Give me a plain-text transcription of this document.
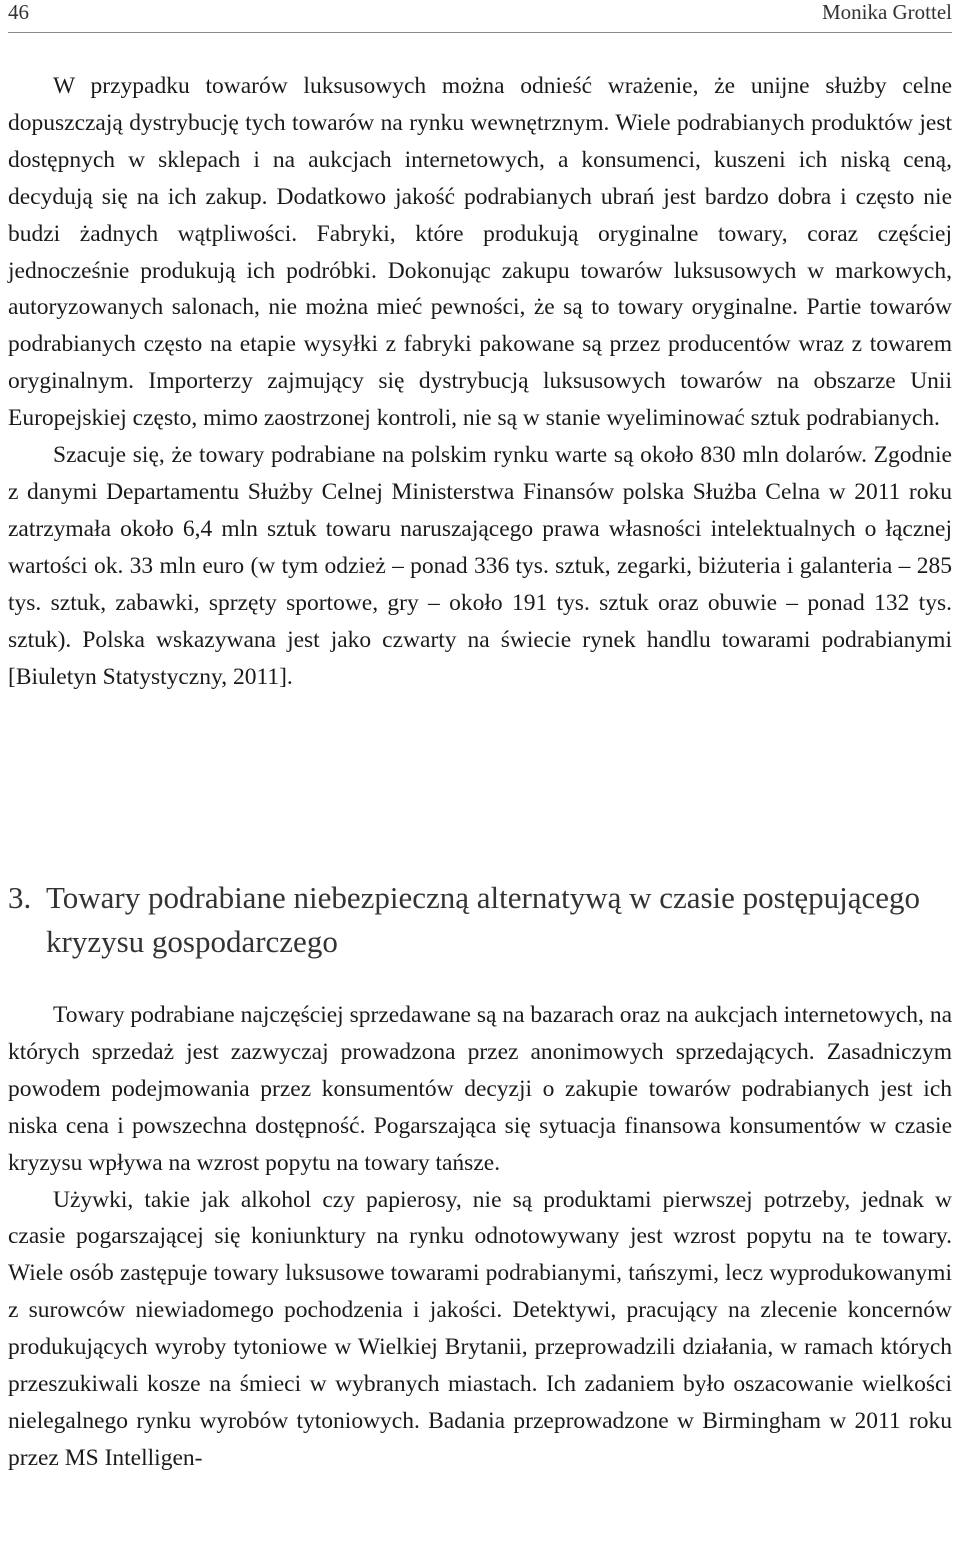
46	Monika Grottel

W przypadku towarów luksusowych można odnieść wrażenie, że unijne służby celne dopuszczają dystrybucję tych towarów na rynku wewnętrznym. Wiele podrabianych produktów jest dostępnych w sklepach i na aukcjach internetowych, a konsumenci, kuszeni ich niską ceną, decydują się na ich zakup. Dodatkowo jakość podrabianych ubrań jest bardzo dobra i często nie budzi żadnych wątpliwości. Fabryki, które produkują oryginalne towary, coraz częściej jednocześnie produkują ich podróbki. Dokonując zakupu towarów luksusowych w markowych, autoryzowanych salonach, nie można mieć pewności, że są to towary oryginalne. Partie towarów podrabianych często na etapie wysyłki z fabryki pakowane są przez producentów wraz z towarem oryginalnym. Importerzy zajmujący się dystrybucją luksusowych towarów na obszarze Unii Europejskiej często, mimo zaostrzonej kontroli, nie są w stanie wyeliminować sztuk podrabianych.

Szacuje się, że towary podrabiane na polskim rynku warte są około 830 mln dolarów. Zgodnie z danymi Departamentu Służby Celnej Ministerstwa Finansów polska Służba Celna w 2011 roku zatrzymała około 6,4 mln sztuk towaru naruszającego prawa własności intelektualnych o łącznej wartości ok. 33 mln euro (w tym odzież – ponad 336 tys. sztuk, zegarki, biżuteria i galanteria – 285 tys. sztuk, zabawki, sprzęty sportowe, gry – około 191 tys. sztuk oraz obuwie – ponad 132 tys. sztuk). Polska wskazywana jest jako czwarty na świecie rynek handlu towarami podrabianymi [Biuletyn Statystyczny, 2011].

3. Towary podrabiane niebezpieczną alternatywą w czasie postępującego kryzysu gospodarczego

Towary podrabiane najczęściej sprzedawane są na bazarach oraz na aukcjach internetowych, na których sprzedaż jest zazwyczaj prowadzona przez anonimowych sprzedających. Zasadniczym powodem podejmowania przez konsumentów decyzji o zakupie towarów podrabianych jest ich niska cena i powszechna dostępność. Pogarszająca się sytuacja finansowa konsumentów w czasie kryzysu wpływa na wzrost popytu na towary tańsze.

Używki, takie jak alkohol czy papierosy, nie są produktami pierwszej potrzeby, jednak w czasie pogarszającej się koniunktury na rynku odnotowywany jest wzrost popytu na te towary. Wiele osób zastępuje towary luksusowe towarami podrabianymi, tańszymi, lecz wyprodukowanymi z surowców niewiadomego pochodzenia i jakości. Detektywi, pracujący na zlecenie koncernów produkujących wyroby tytoniowe w Wielkiej Brytanii, przeprowadzili działania, w ramach których przeszukiwali kosze na śmieci w wybranych miastach. Ich zadaniem było oszacowanie wielkości nielegalnego rynku wyrobów tytoniowych. Badania przeprowadzone w Birmingham w 2011 roku przez MS Intelligen-
